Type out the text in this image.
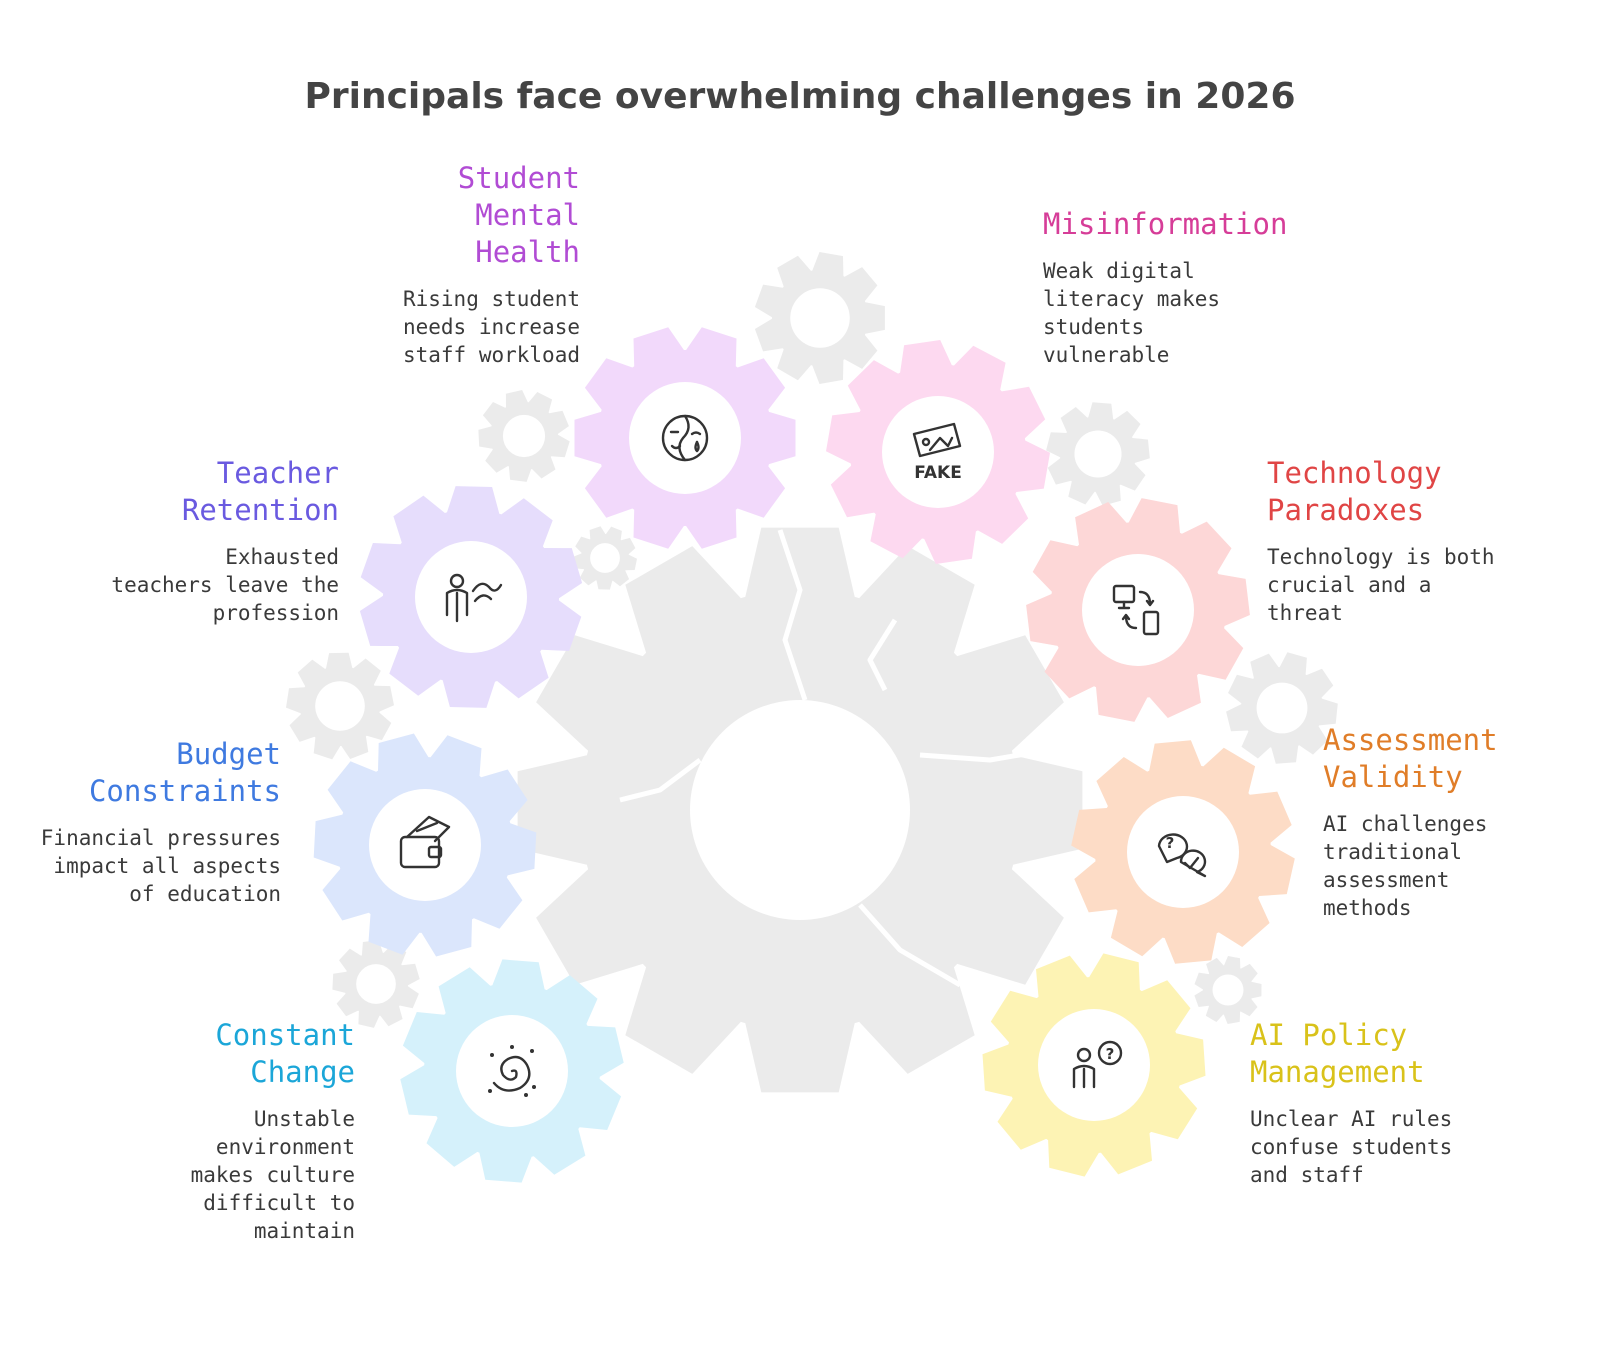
FAKE
?
?
Principals face overwhelming challenges in 2026
Student
Mental
Health
Rising student
needs increase
staff workload
Misinformation
Weak digital
literacy makes
students
vulnerable
Teacher
Retention
Exhausted
teachers leave the
profession
Technology
Paradoxes
Technology is both
crucial and a
threat
Budget
Constraints
Financial pressures
impact all aspects
of education
Assessment
Validity
AI challenges
traditional
assessment
methods
Constant
Change
Unstable
environment
makes culture
difficult to
maintain
AI Policy
Management
Unclear AI rules
confuse students
and staff
